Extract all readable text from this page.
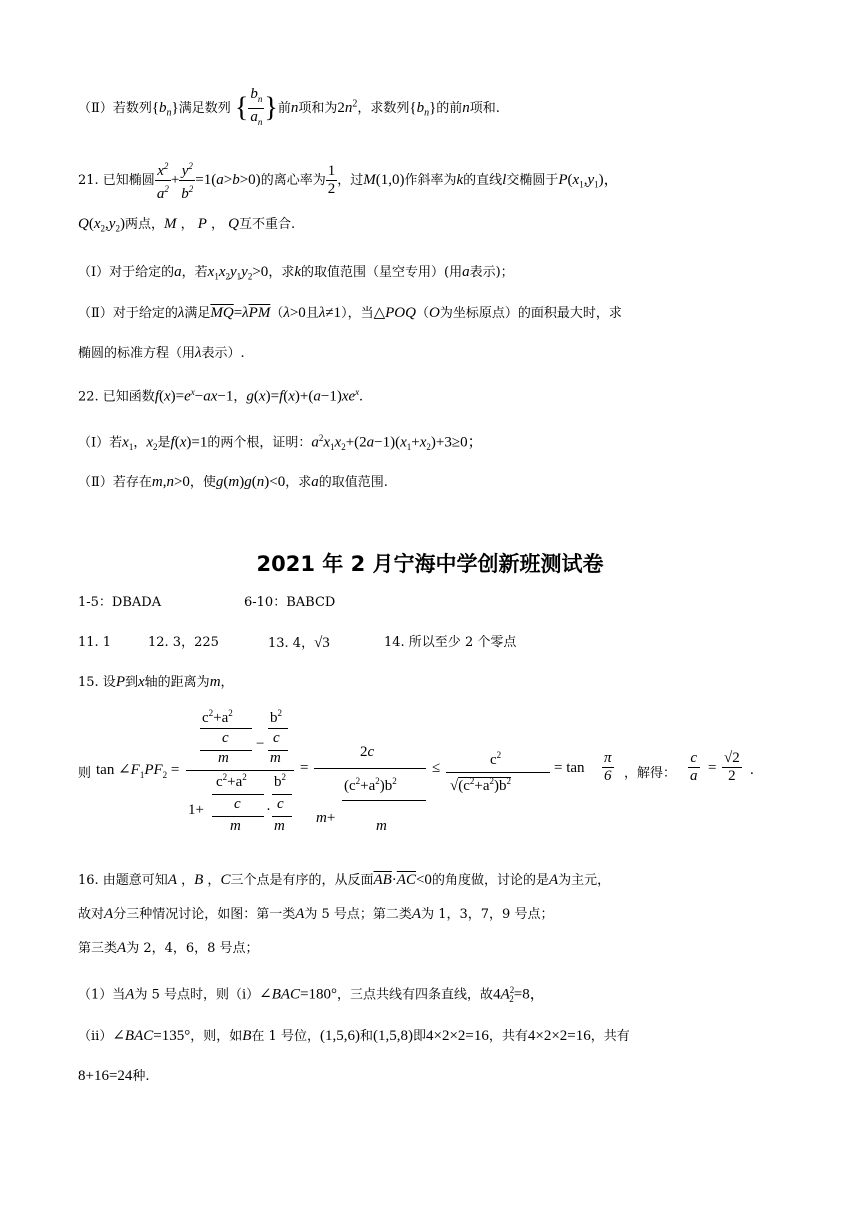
（Ⅱ）若数列$\{b_n\}$满足数列 { $\frac{b_n}{a_n}$ }前n项和为$2n^2$，求数列$\{b_n\}$的前n项和.
21. 已知椭圆 $\frac{x^2}{a^2} + \frac{y^2}{b^2} =1(a>b>0)$的离心率为 $\frac{1}{2}$ ，过M(1,0)作斜率为k的直线l交椭圆于$P(x_1,y_1)$，
$Q(x_2,y_2)$两点，M ， P ， Q互不重合.
（Ⅰ）对于给定的a，若$x_1x_2y_1y_2>0$，求k的取值范围（星空专用）(用a表示)；
（Ⅱ）对于给定的λ满足$\overline{MQ}=\lambda\overline{PM}(\lambda>0$且λ≠1），当△POQ（O为坐标原点）的面积最大时，求
椭圆的标准方程（用λ表示）.
22. 已知函数$f(x)=e^x-ax-1$，$g(x)=f(x)+(a-1)xe^x$.
（Ⅰ）若$x_1$，$x_2$是f(x)=1的两个根，证明：$a^2x_1x_2+(2a-1)(x_1+x_2)+3\ge 0$；
（Ⅱ）若存在m,n>0，使g(m)g(n)<0，求a的取值范围.
2021 年 2 月宁海中学创新班测试卷
1-5：DBADA	6-10：BABCD
11. 1	12. 3，225	13. 4，√3	14. 所以至少 2 个零点
15. 设P到x轴的距离为m，
则 $\tan \angle F_1PF_2$ =
$c^2+a^2$
c
m
−
$b^2$
c
m
$c^2+a^2$ $b^2$
1+ c
m
· c
m
=
2c
$(c^2+a^2)b^2$
m+	m
≤	$c^2$
$√(c^2+a^2)b^2$
= $\tan \frac{\pi}{6}$ ，解得： $\frac{c}{a} = \frac{√2}{2}$ .
16. 由题意可知A ，B ，C三个点是有序的，从反面$\overline{AB}\cdot\overline{AC}<0$的角度做，讨论的是A为主元，
故对A分三种情况讨论，如图：第一类A为 5 号点；第二类A为 1，3，7，9 号点；
第三类A为 2，4，6，8 号点；
（1）当A为 5 号点时，则（i）∠BAC=180°，三点共线有四条直线，故$4A^2_2=8$，
（ii）∠BAC=135°，则，如B在 1 号位，(1,5,6)和(1,5,8)即4×2×2=16，共有4×2×2=16，共有
8+16=24种.
